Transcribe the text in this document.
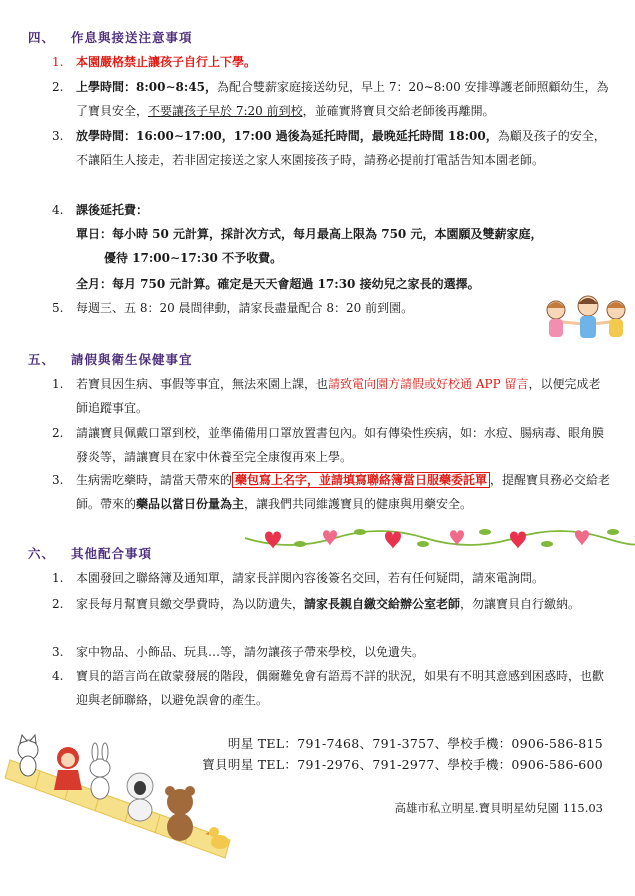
四、 作息與接送注意事項
1.	本園嚴格禁止讓孩子自行上下學。
2.	上學時間：8:00∼8:45，為配合雙薪家庭接送幼兒，早上 7：20∼8:00 安排導護老師照顧幼生，為了寶貝安全，不要讓孩子早於 7:20 前到校，並確實將寶貝交給老師後再離開。
3.	放學時間：16:00∼17:00，17:00 過後為延托時間，最晚延托時間 18:00，為顧及孩子的安全，不讓陌生人接走，若非固定接送之家人來園接孩子時，請務必提前打電話告知本園老師。
4.	課後延托費：
單日：每小時 50 元計算，採計次方式，每月最高上限為 750 元，本園願及雙薪家庭，
優待 17:00∼17:30 不予收費。
全月：每月 750 元計算。確定是天天會超過 17:30 接幼兒之家長的選擇。
5.	每週三、五 8：20 晨間律動，請家長盡量配合 8：20 前到園。
五、 請假與衛生保健事宜
1.	若寶貝因生病、事假等事宜，無法來園上課，也請致電向園方請假或好校通 APP 留言，以便完成老師追蹤事宜。
2.	請讓寶貝佩戴口罩到校，並準備備用口罩放置書包內。如有傳染性疾病，如：水痘、腸病毒、眼角膜發炎等，請讓寶貝在家中休養至完全康復再來上學。
3.	生病需吃藥時，請當天帶來的 藥包寫上名字，並請填寫聯絡簿當日服藥委託單 ，提醒寶貝務必交給老師。帶來的藥品以當日份量為主，讓我們共同維護寶貝的健康與用藥安全。
六、 其他配合事項
1.	本園發回之聯絡簿及通知單，請家長詳閱內容後簽名交回，若有任何疑問，請來電詢問。
2.	家長每月幫寶貝繳交學費時，為以防遺失，請家長親自繳交給辦公室老師，勿讓寶貝自行繳納。
3.	家中物品、小飾品、玩具…等，請勿讓孩子帶來學校，以免遺失。
4.	寶貝的語言尚在啟蒙發展的階段，偶爾難免會有語焉不詳的狀況，如果有不明其意感到困惑時，也歡迎與老師聯絡，以避免誤會的產生。
明星 TEL：791-7468、791-3757、學校手機：0906-586-815
寶貝明星 TEL：791-2976、791-2977、學校手機：0906-586-600
高雄市私立明星.寶貝明星幼兒園 115.03
